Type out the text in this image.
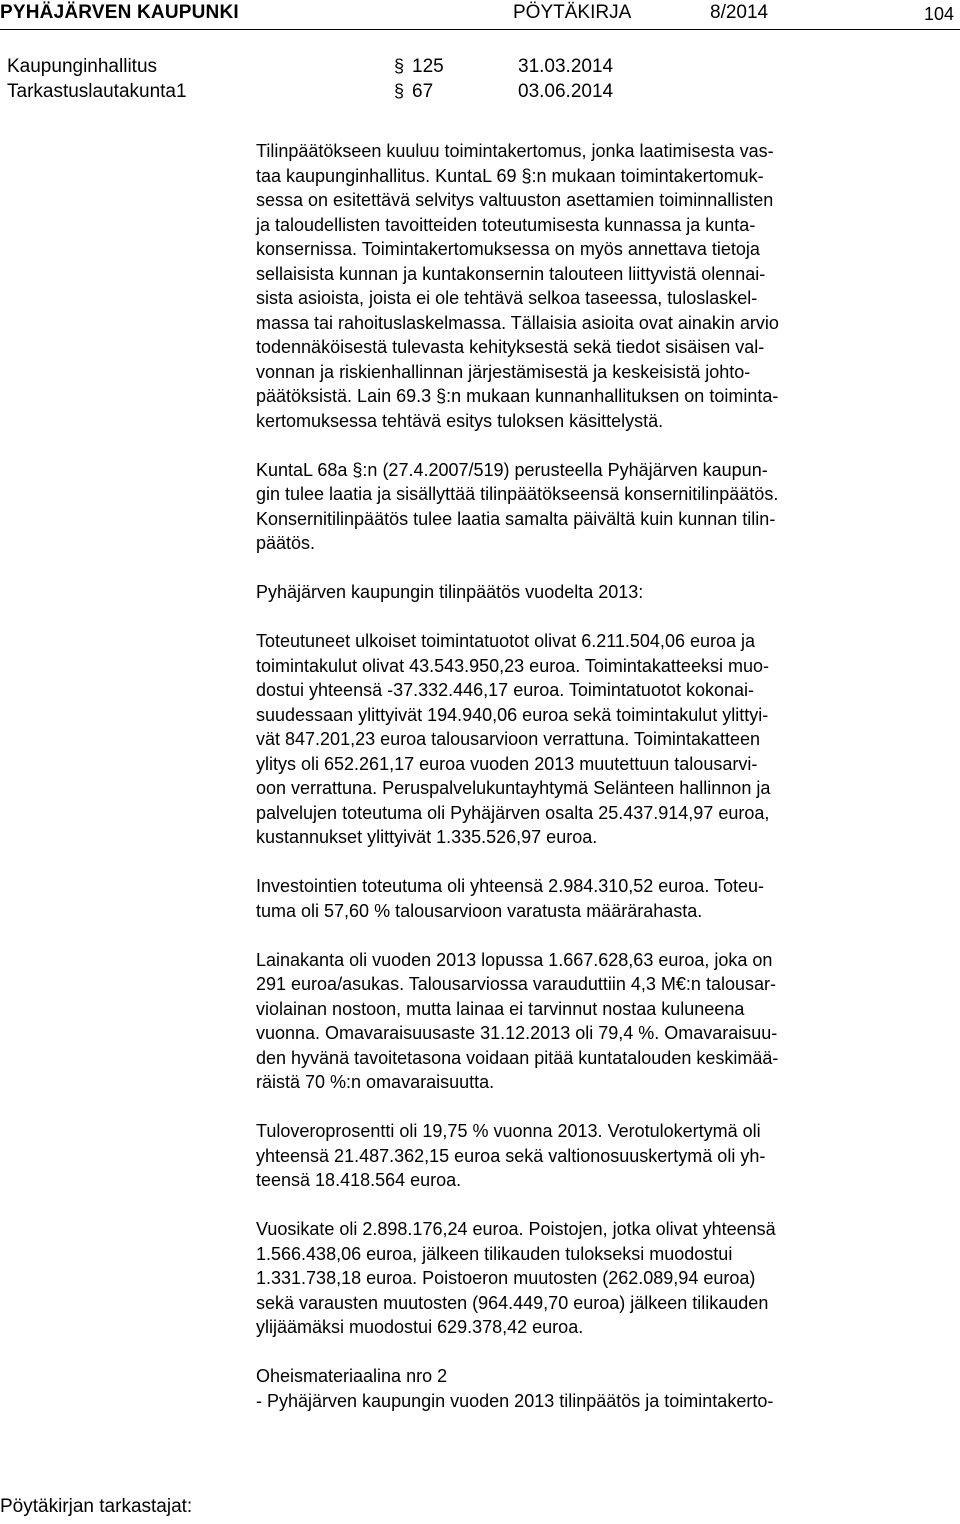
PYHÄJÄRVEN KAUPUNKI	PÖYTÄKIRJA	8/2014	104
Kaupunginhallitus	§ 125	31.03.2014
Tarkastuslautakunta1	§ 67	03.06.2014

Tilinpäätökseen kuuluu toimintakertomus, jonka laatimisesta vas-
taa kaupunginhallitus. KuntaL 69 §:n mukaan toimintakertomuk-
sessa on esitettävä selvitys valtuuston asettamien toiminnallisten
ja taloudellisten tavoitteiden toteutumisesta kunnassa ja kunta-
konsernissa. Toimintakertomuksessa on myös annettava tietoja
sellaisista kunnan ja kuntakonsernin talouteen liittyvistä olennai-
sista asioista, joista ei ole tehtävä selkoa taseessa, tuloslaskel-
massa tai rahoituslaskelmassa. Tällaisia asioita ovat ainakin arvio
todennäköisestä tulevasta kehityksestä sekä tiedot sisäisen val-
vonnan ja riskienhallinnan järjestämisestä ja keskeisistä johto-
päätöksistä. Lain 69.3 §:n mukaan kunnanhallituksen on toiminta-
kertomuksessa tehtävä esitys tuloksen käsittelystä.

KuntaL 68a §:n (27.4.2007/519) perusteella Pyhäjärven kaupun-
gin tulee laatia ja sisällyttää tilinpäätökseensä konsernitilinpäätös.
Konsernitilinpäätös tulee laatia samalta päivältä kuin kunnan tilin-
päätös.

Pyhäjärven kaupungin tilinpäätös vuodelta 2013:

Toteutuneet ulkoiset toimintatuotot olivat 6.211.504,06 euroa ja
toimintakulut olivat 43.543.950,23 euroa. Toimintakatteeksi muo-
dostui yhteensä -37.332.446,17 euroa. Toimintatuotot kokonai-
suudessaan ylittyivät 194.940,06 euroa sekä toimintakulut ylittyi-
vät 847.201,23 euroa talousarvioon verrattuna. Toimintakatteen
ylitys oli 652.261,17 euroa vuoden 2013 muutettuun talousarvi-
oon verrattuna. Peruspalvelukuntayhtymä Selänteen hallinnon ja
palvelujen toteutuma oli Pyhäjärven osalta 25.437.914,97 euroa,
kustannukset ylittyivät 1.335.526,97 euroa.

Investointien toteutuma oli yhteensä 2.984.310,52 euroa. Toteu-
tuma oli 57,60 % talousarvioon varatusta määrärahasta.

Lainakanta oli vuoden 2013 lopussa 1.667.628,63 euroa, joka on
291 euroa/asukas. Talousarviossa varauduttiin 4,3 M€:n talousar-
violainan nostoon, mutta lainaa ei tarvinnut nostaa kuluneena
vuonna. Omavaraisuusaste 31.12.2013 oli 79,4 %. Omavaraisuu-
den hyvänä tavoitetasona voidaan pitää kuntatalouden keskimää-
räistä 70 %:n omavaraisuutta.

Tuloveroprosentti oli 19,75 % vuonna 2013. Verotulokertymä oli
yhteensä 21.487.362,15 euroa sekä valtionosuuskertymä oli yh-
teensä 18.418.564 euroa.

Vuosikate oli 2.898.176,24 euroa. Poistojen, jotka olivat yhteensä
1.566.438,06 euroa, jälkeen tilikauden tulokseksi muodostui
1.331.738,18 euroa. Poistoeron muutosten (262.089,94 euroa)
sekä varausten muutosten (964.449,70 euroa) jälkeen tilikauden
ylijäämäksi muodostui 629.378,42 euroa.

Oheismateriaalina nro 2
- Pyhäjärven kaupungin vuoden 2013 tilinpäätös ja toimintakerto-

Pöytäkirjan tarkastajat:
